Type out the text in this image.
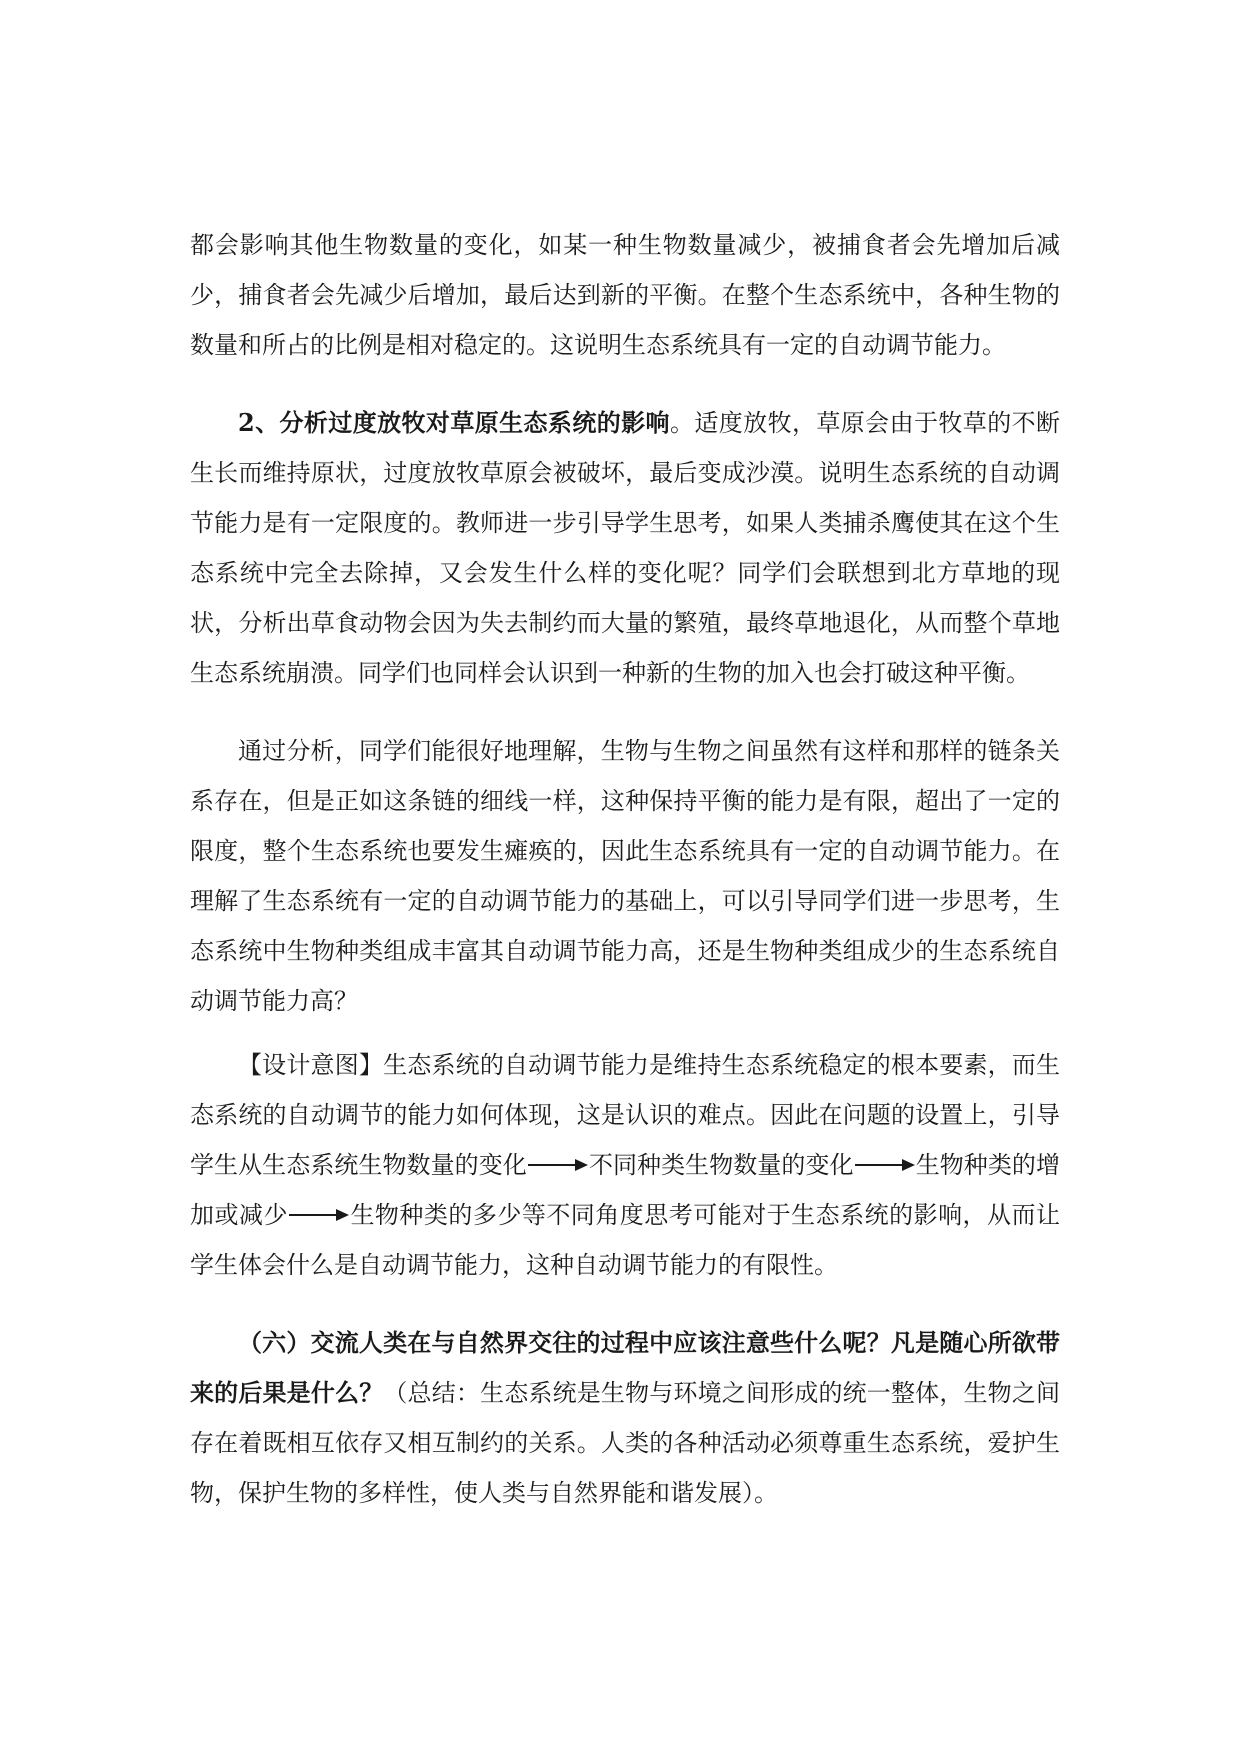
都会影响其他生物数量的变化，如某一种生物数量减少，被捕食者会先增加后减少，捕食者会先减少后增加，最后达到新的平衡。在整个生态系统中，各种生物的数量和所占的比例是相对稳定的。这说明生态系统具有一定的自动调节能力。

2、分析过度放牧对草原生态系统的影响。适度放牧，草原会由于牧草的不断生长而维持原状，过度放牧草原会被破坏，最后变成沙漠。说明生态系统的自动调节能力是有一定限度的。教师进一步引导学生思考，如果人类捕杀鹰使其在这个生态系统中完全去除掉，又会发生什么样的变化呢？同学们会联想到北方草地的现状，分析出草食动物会因为失去制约而大量的繁殖，最终草地退化，从而整个草地生态系统崩溃。同学们也同样会认识到一种新的生物的加入也会打破这种平衡。

通过分析，同学们能很好地理解，生物与生物之间虽然有这样和那样的链条关系存在，但是正如这条链的细线一样，这种保持平衡的能力是有限，超出了一定的限度，整个生态系统也要发生瘫痪的，因此生态系统具有一定的自动调节能力。在理解了生态系统有一定的自动调节能力的基础上，可以引导同学们进一步思考，生态系统中生物种类组成丰富其自动调节能力高，还是生物种类组成少的生态系统自动调节能力高？

【设计意图】生态系统的自动调节能力是维持生态系统稳定的根本要素，而生态系统的自动调节的能力如何体现，这是认识的难点。因此在问题的设置上，引导学生从生态系统生物数量的变化	不同种类生物数量的变化	生物种类的增加或减少	生物种类的多少等不同角度思考可能对于生态系统的影响，从而让学生体会什么是自动调节能力，这种自动调节能力的有限性。

（六）交流人类在与自然界交往的过程中应该注意些什么呢？凡是随心所欲带来的后果是什么？（总结：生态系统是生物与环境之间形成的统一整体，生物之间存在着既相互依存又相互制约的关系。人类的各种活动必须尊重生态系统，爱护生物，保护生物的多样性，使人类与自然界能和谐发展）。
